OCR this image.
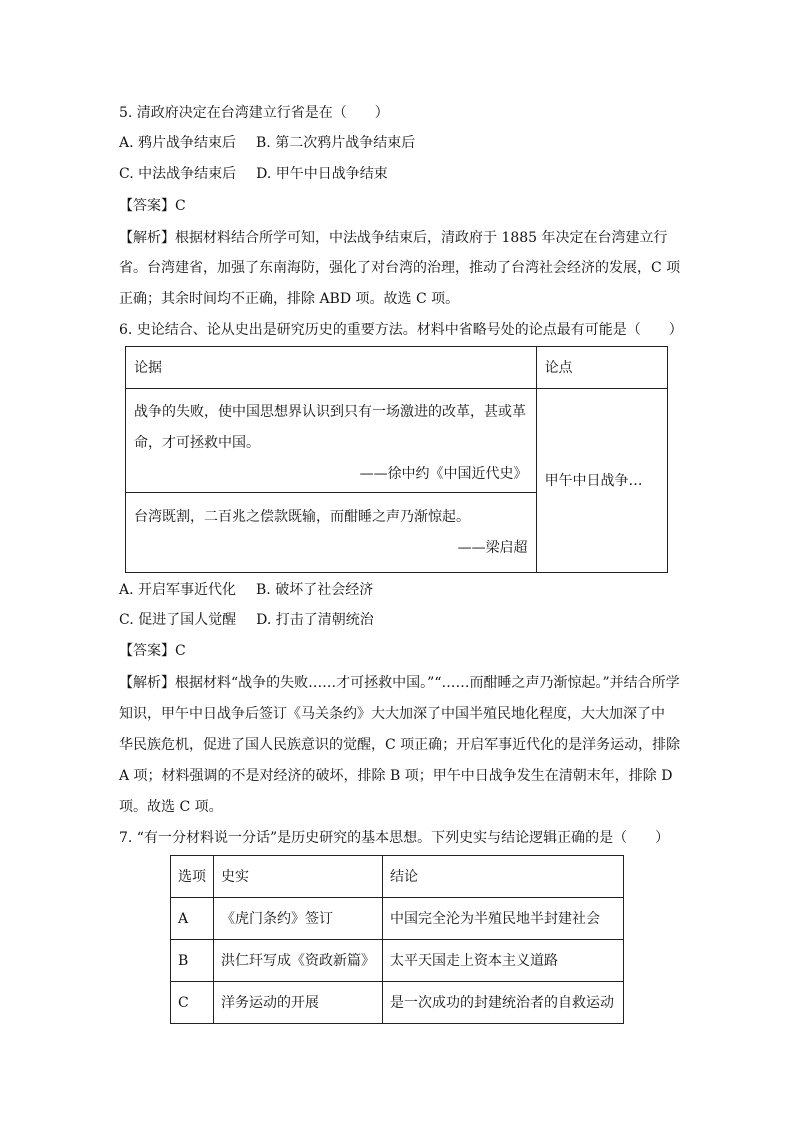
5. 清政府决定在台湾建立行省是在（　　）
A. 鸦片战争结束后 B. 第二次鸦片战争结束后
C. 中法战争结束后 D. 甲午中日战争结束
【答案】C
【解析】根据材料结合所学可知，中法战争结束后，清政府于 1885 年决定在台湾建立行
省。台湾建省，加强了东南海防，强化了对台湾的治理，推动了台湾社会经济的发展，C 项
正确；其余时间均不正确，排除 ABD 项。故选 C 项。
6. 史论结合、论从史出是研究历史的重要方法。材料中省略号处的论点最有可能是（　　）
论据	论点

战争的失败，使中国思想界认识到只有一场激进的改革，甚或革
命，才可拯救中国。
——徐中约《中国近代史》	甲午中日战争…

台湾既割，二百兆之偿款既输，而酣睡之声乃渐惊起。
——梁启超	
A. 开启军事近代化 B. 破坏了社会经济
C. 促进了国人觉醒 D. 打击了清朝统治
【答案】C
【解析】根据材料“战争的失败……才可拯救中国。”“……而酣睡之声乃渐惊起。”并结合所学
知识，甲午中日战争后签订《马关条约》大大加深了中国半殖民地化程度，大大加深了中
华民族危机，促进了国人民族意识的觉醒，C 项正确；开启军事近代化的是洋务运动，排除
A 项；材料强调的不是对经济的破坏，排除 B 项；甲午中日战争发生在清朝末年，排除 D
项。故选 C 项。
7. “有一分材料说一分话”是历史研究的基本思想。下列史实与结论逻辑正确的是（　　）
选项	史实	结论
A	《虎门条约》签订	中国完全沦为半殖民地半封建社会
B	洪仁玕写成《资政新篇》	太平天国走上资本主义道路
C	洋务运动的开展	是一次成功的封建统治者的自救运动
